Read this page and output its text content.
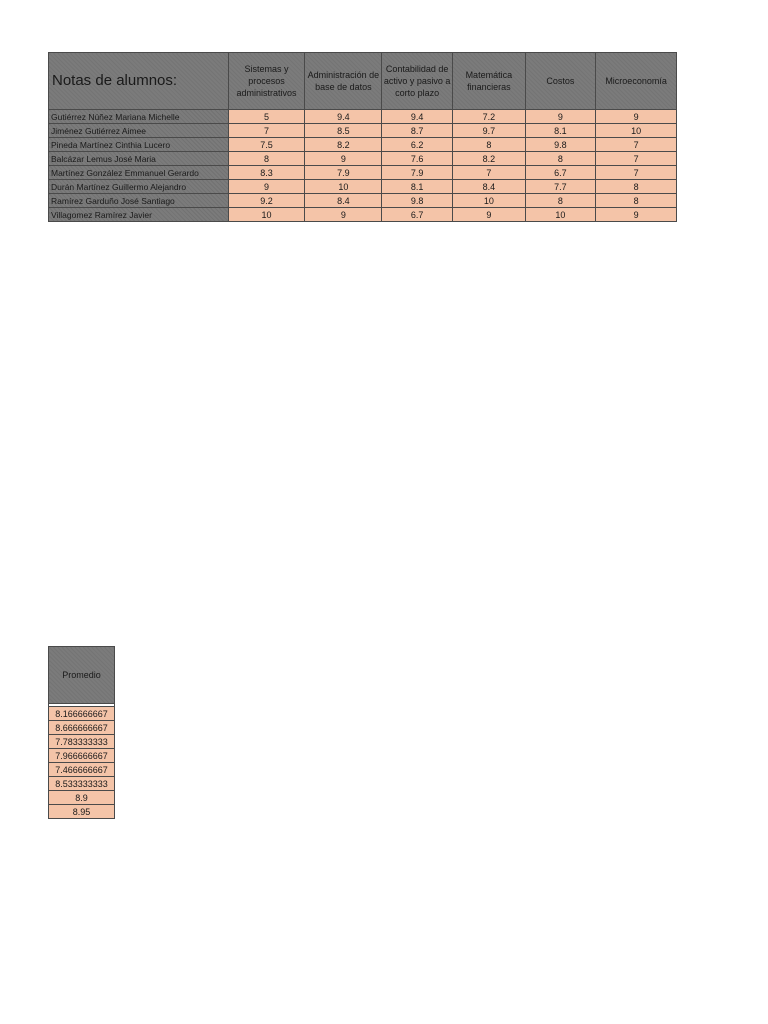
Notas de alumnos:	Sistemas y procesos administrativos	Administración de base de datos	Contabilidad de activo y pasivo a corto plazo	Matemática financieras	Costos	Microeconomía
Gutiérrez Núñez Mariana Michelle	5	9.4	9.4	7.2	9	9
Jiménez Gutiérrez Aimee	7	8.5	8.7	9.7	8.1	10
Pineda Martínez Cinthia Lucero	7.5	8.2	6.2	8	9.8	7
Balcázar Lemus José Maria	8	9	7.6	8.2	8	7
Martínez González Emmanuel Gerardo	8.3	7.9	7.9	7	6.7	7
Durán Martínez Guillermo Alejandro	9	10	8.1	8.4	7.7	8
Ramírez Garduño José Santiago	9.2	8.4	9.8	10	8	8
Villagomez Ramírez Javier	10	9	6.7	9	10	9
Promedio

8.166666667
8.666666667
7.783333333
7.966666667
7.466666667
8.533333333
8.9
8.95
